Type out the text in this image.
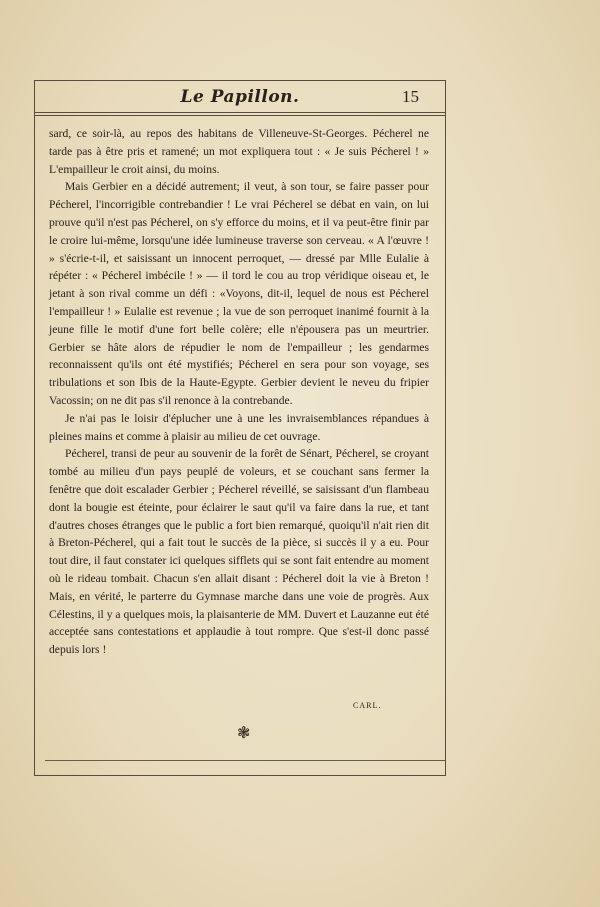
Le Papillon.	15

sard, ce soir-là, au repos des habitans de Villeneuve-St-Georges. Pécherel ne tarde pas à être pris et ramené; un mot expliquera tout : « Je suis Pécherel ! » L'empailleur le croit ainsi, du moins.

Mais Gerbier en a décidé autrement; il veut, à son tour, se faire passer pour Pécherel, l'incorrigible contrebandier ! Le vrai Pécherel se débat en vain, on lui prouve qu'il n'est pas Pécherel, on s'y efforce du moins, et il va peut-être finir par le croire lui-même, lorsqu'une idée lumineuse traverse son cerveau. « A l'œuvre ! » s'écrie-t-il, et saisissant un innocent perroquet, — dressé par Mlle Eulalie à répéter : « Pécherel imbécile ! » — il tord le cou au trop véridique oiseau et, le jetant à son rival comme un défi : «Voyons, dit-il, lequel de nous est Pécherel l'empailleur ! » Eulalie est revenue ; la vue de son perroquet inanimé fournit à la jeune fille le motif d'une fort belle colère; elle n'épousera pas un meurtrier. Gerbier se hâte alors de répudier le nom de l'empailleur ; les gendarmes reconnaissent qu'ils ont été mystifiés; Pécherel en sera pour son voyage, ses tribulations et son Ibis de la Haute-Egypte. Gerbier devient le neveu du fripier Vacossin; on ne dit pas s'il renonce à la contrebande.

Je n'ai pas le loisir d'éplucher une à une les invraisemblances répandues à pleines mains et comme à plaisir au milieu de cet ouvrage.

Pécherel, transi de peur au souvenir de la forêt de Sénart, Pécherel, se croyant tombé au milieu d'un pays peuplé de voleurs, et se couchant sans fermer la fenêtre que doit escalader Gerbier ; Pécherel réveillé, se saisissant d'un flambeau dont la bougie est éteinte, pour éclairer le saut qu'il va faire dans la rue, et tant d'autres choses étranges que le public a fort bien remarqué, quoiqu'il n'ait rien dit à Breton-Pécherel, qui a fait tout le succès de la pièce, si succès il y a eu. Pour tout dire, il faut constater ici quelques sifflets qui se sont fait entendre au moment où le rideau tombait. Chacun s'en allait disant : Pécherel doit la vie à Breton ! Mais, en vérité, le parterre du Gymnase marche dans une voie de progrès. Aux Célestins, il y a quelques mois, la plaisanterie de MM. Duvert et Lauzanne eut été acceptée sans contestations et applaudie à tout rompre. Que s'est-il donc passé depuis lors !

CARL.
❃
